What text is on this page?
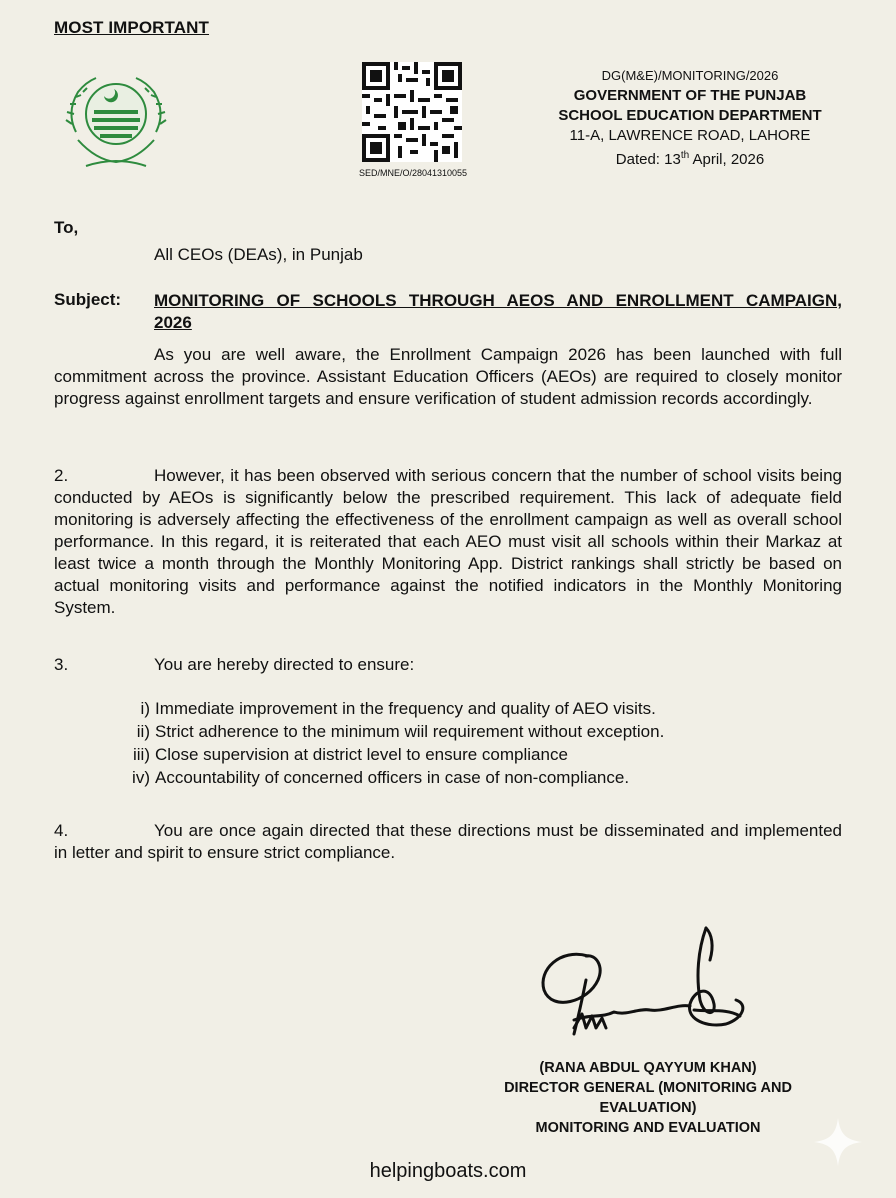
MOST IMPORTANT
SED/MNE/O/28041310055
DG(M&E)/MONITORING/2026
GOVERNMENT OF THE PUNJAB
SCHOOL EDUCATION DEPARTMENT
11-A, LAWRENCE ROAD, LAHORE
Dated: 13th April, 2026
To,
All CEOs (DEAs), in Punjab
Subject: MONITORING OF SCHOOLS THROUGH AEOS AND ENROLLMENT CAMPAIGN,
2026
As you are well aware, the Enrollment Campaign 2026 has been launched with full commitment across the province. Assistant Education Officers (AEOs) are required to closely monitor progress against enrollment targets and ensure verification of student admission records accordingly.
2.	However, it has been observed with serious concern that the number of school visits being conducted by AEOs is significantly below the prescribed requirement. This lack of adequate field monitoring is adversely affecting the effectiveness of the enrollment campaign as well as overall school performance. In this regard, it is reiterated that each AEO must visit all schools within their Markaz at least twice a month through the Monthly Monitoring App. District rankings shall strictly be based on actual monitoring visits and performance against the notified indicators in the Monthly Monitoring System.
3.	You are hereby directed to ensure:
i) Immediate improvement in the frequency and quality of AEO visits.
ii) Strict adherence to the minimum wiil requirement without exception.
iii) Close supervision at district level to ensure compliance
iv) Accountability of concerned officers in case of non-compliance.
4.	You are once again directed that these directions must be disseminated and implemented in letter and spirit to ensure strict compliance.
(RANA ABDUL QAYYUM KHAN)
DIRECTOR GENERAL (MONITORING AND
EVALUATION)
MONITORING AND EVALUATION
helpingboats.com
